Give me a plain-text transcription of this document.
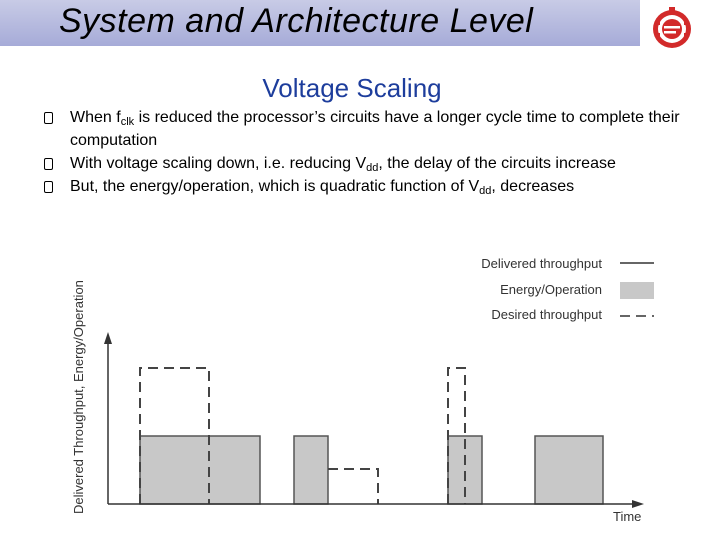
System and Architecture Level
Voltage Scaling

When $f_{clk}$ is reduced the processor’s circuits have a longer cycle time to complete their computation

With voltage scaling down, i.e. reducing $V_{dd}$, the delay of the circuits increase

But, the energy/operation, which is quadratic function of $V_{dd}$, decreases

Delivered Throughput, Energy/Operation
Time
Delivered throughput
Energy/Operation
Desired throughput
